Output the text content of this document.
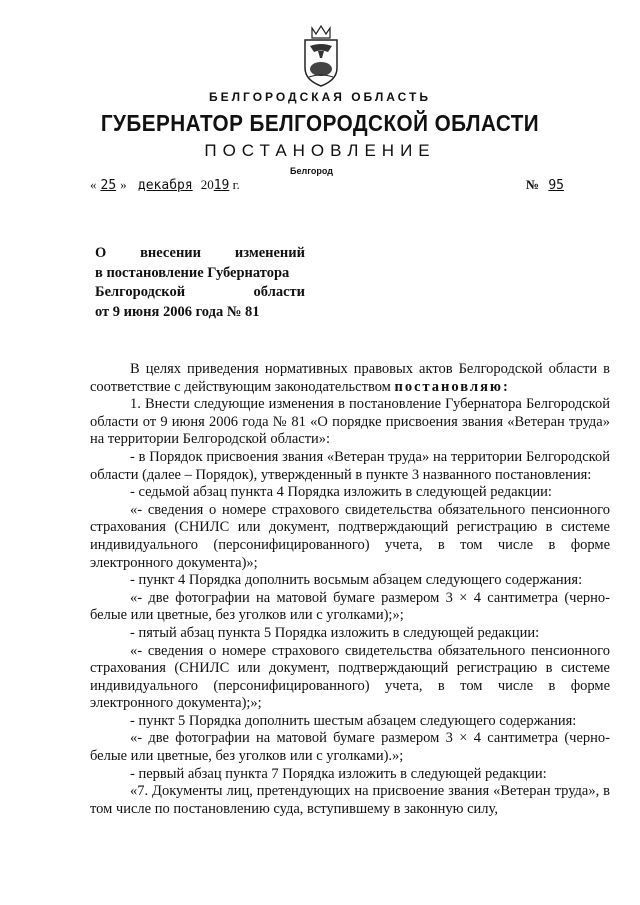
БЕЛГОРОДСКАЯ ОБЛАСТЬ
ГУБЕРНАТОР БЕЛГОРОДСКОЙ ОБЛАСТИ
ПОСТАНОВЛЕНИЕ
Белгород
« 25 » декабря 2019 г.	№ 95
О внесении изменений
в постановление Губернатора
Белгородской области
от 9 июня 2006 года № 81

В целях приведения нормативных правовых актов Белгородской области в соответствие с действующим законодательством постановляю:

1. Внести следующие изменения в постановление Губернатора Белгородской области от 9 июня 2006 года № 81 «О порядке присвоения звания «Ветеран труда» на территории Белгородской области»:

- в Порядок присвоения звания «Ветеран труда» на территории Белгородской области (далее – Порядок), утвержденный в пункте 3 названного постановления:

- седьмой абзац пункта 4 Порядка изложить в следующей редакции:

«- сведения о номере страхового свидетельства обязательного пенсионного страхования (СНИЛС или документ, подтверждающий регистрацию в системе индивидуального (персонифицированного) учета, в том числе в форме электронного документа)»;

- пункт 4 Порядка дополнить восьмым абзацем следующего содержания:

«- две фотографии на матовой бумаге размером 3 × 4 сантиметра (черно-белые или цветные, без уголков или с уголками);»;

- пятый абзац пункта 5 Порядка изложить в следующей редакции:

«- сведения о номере страхового свидетельства обязательного пенсионного страхования (СНИЛС или документ, подтверждающий регистрацию в системе индивидуального (персонифицированного) учета, в том числе в форме электронного документа);»;

- пункт 5 Порядка дополнить шестым абзацем следующего содержания:

«- две фотографии на матовой бумаге размером 3 × 4 сантиметра (черно-белые или цветные, без уголков или с уголками).»;

- первый абзац пункта 7 Порядка изложить в следующей редакции:

«7. Документы лиц, претендующих на присвоение звания «Ветеран труда», в том числе по постановлению суда, вступившему в законную силу,
